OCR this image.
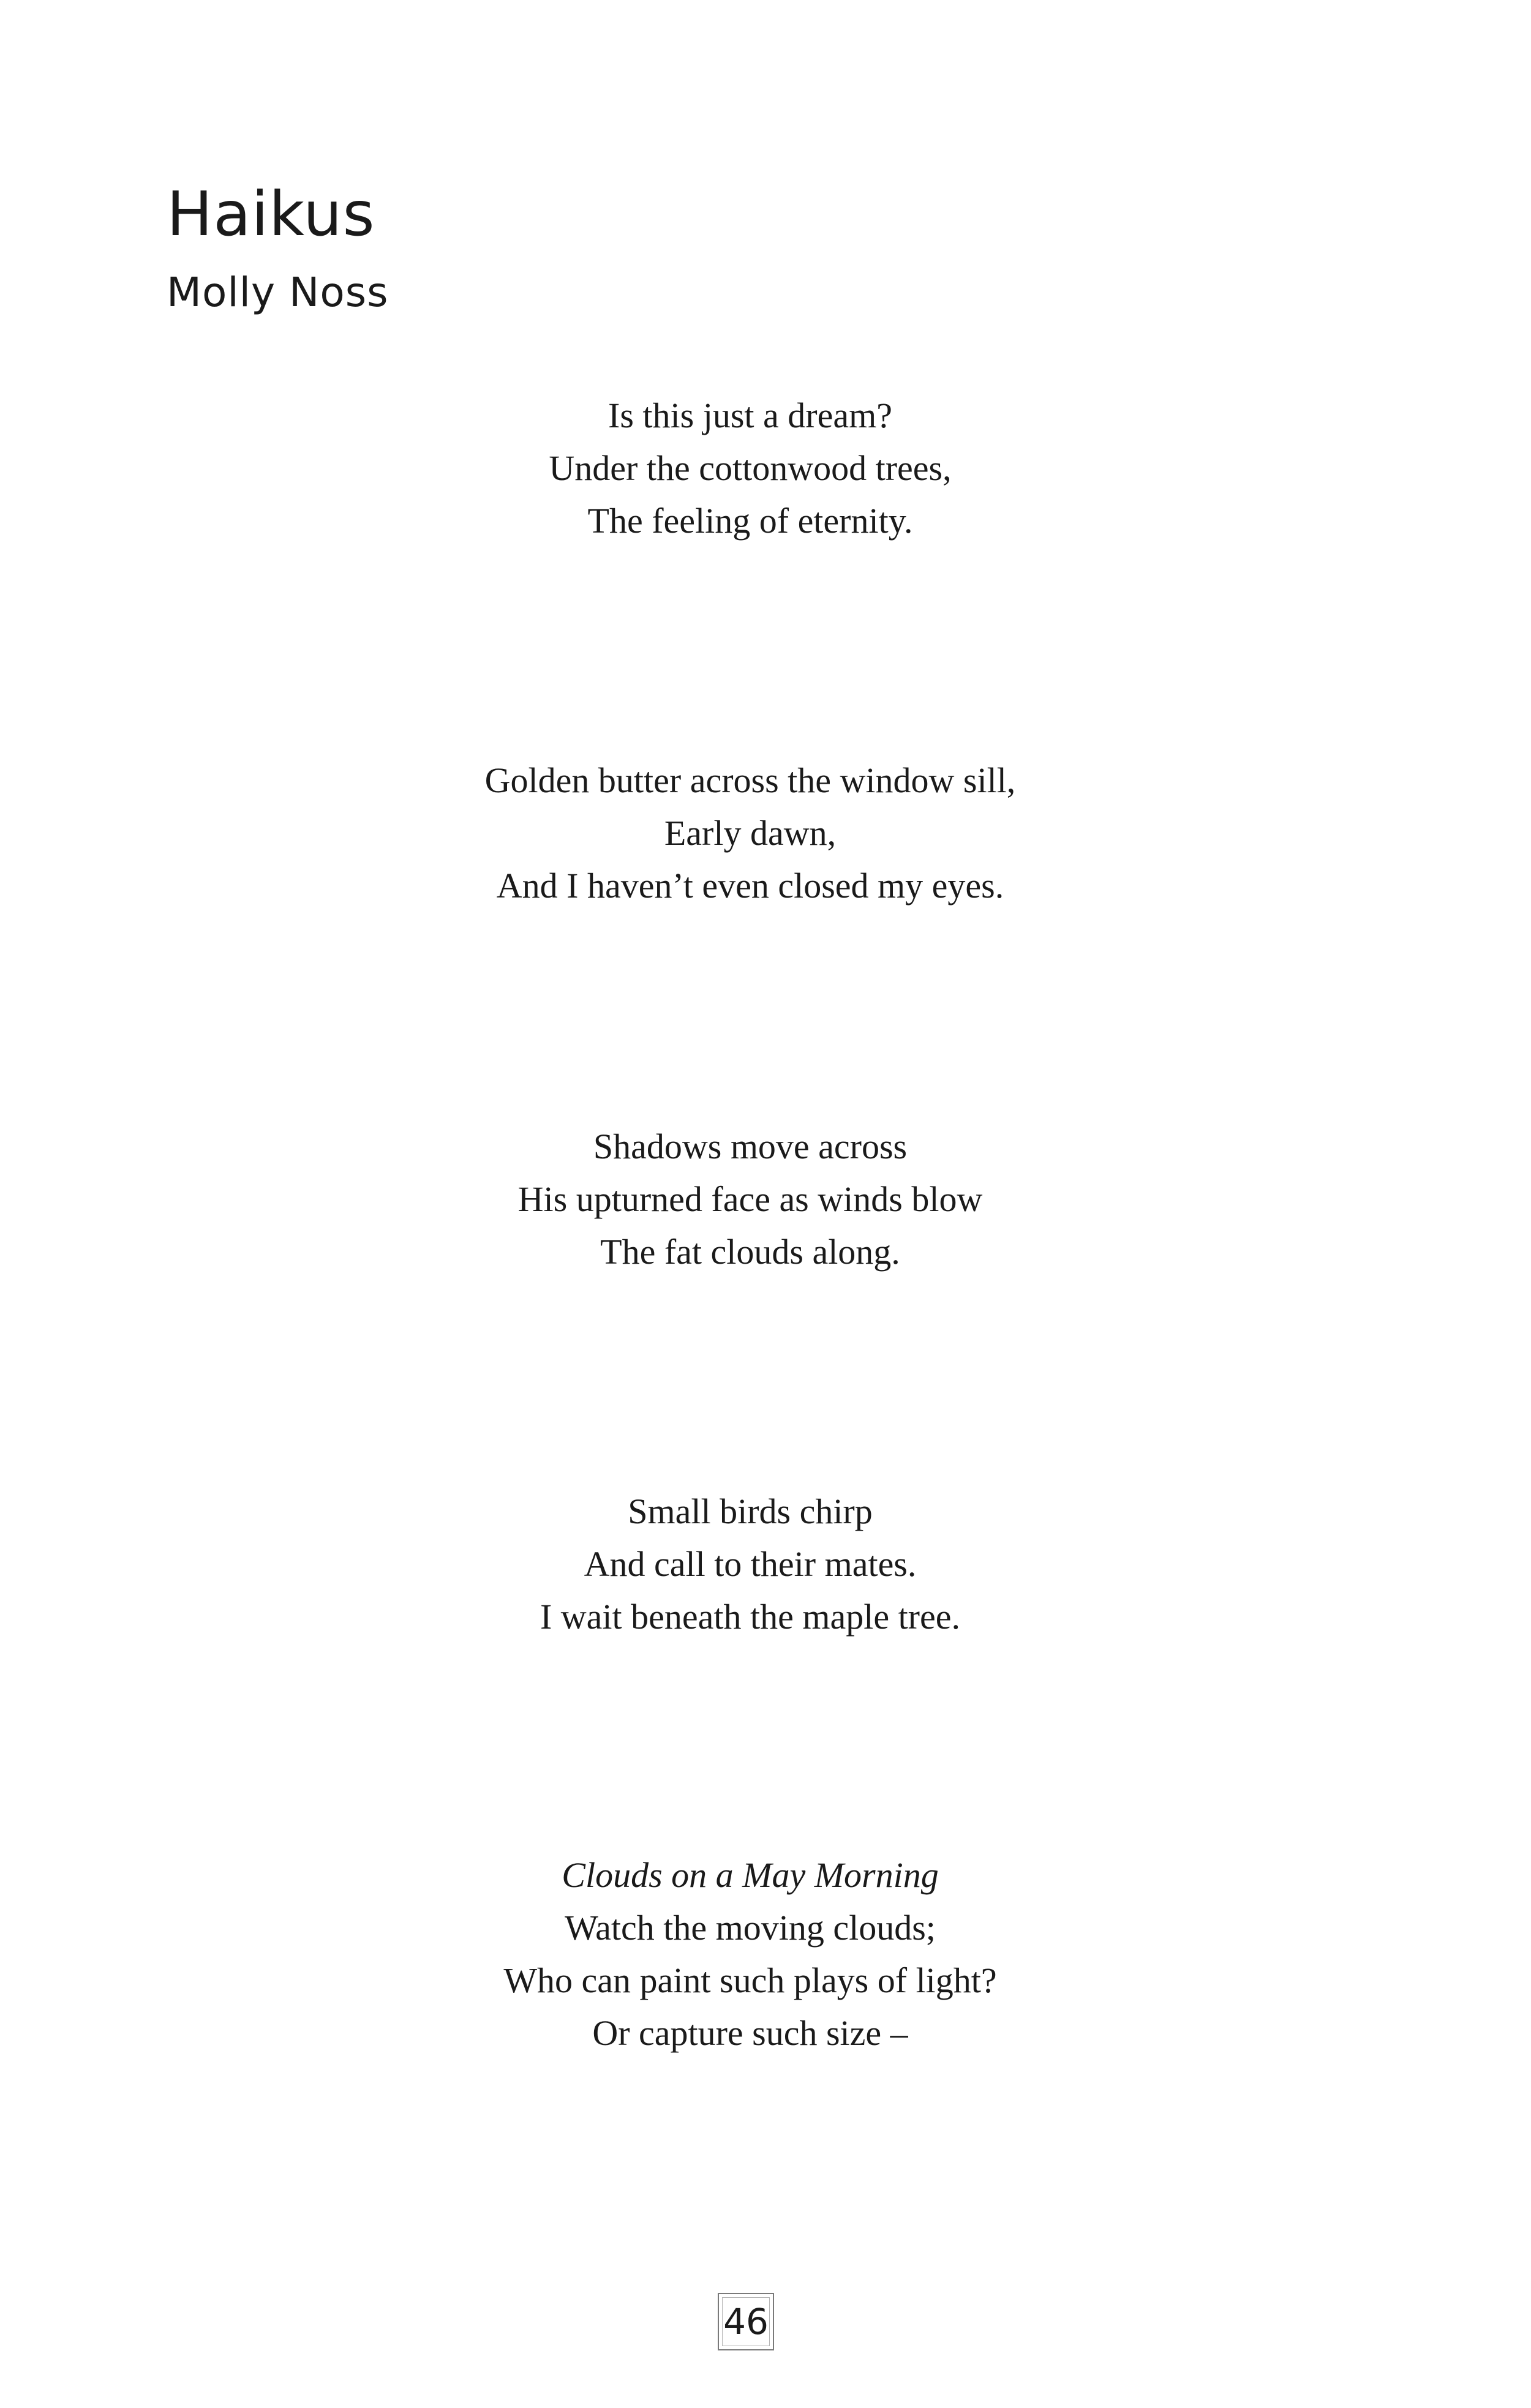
Haikus
Molly Noss
Is this just a dream?
Under the cottonwood trees,
The feeling of eternity.
Golden butter across the window sill,
Early dawn,
And I haven’t even closed my eyes.
Shadows move across
His upturned face as winds blow
The fat clouds along.
Small birds chirp
And call to their mates.
I wait beneath the maple tree.
Clouds on a May Morning
Watch the moving clouds;
Who can paint such plays of light?
Or capture such size –
46
